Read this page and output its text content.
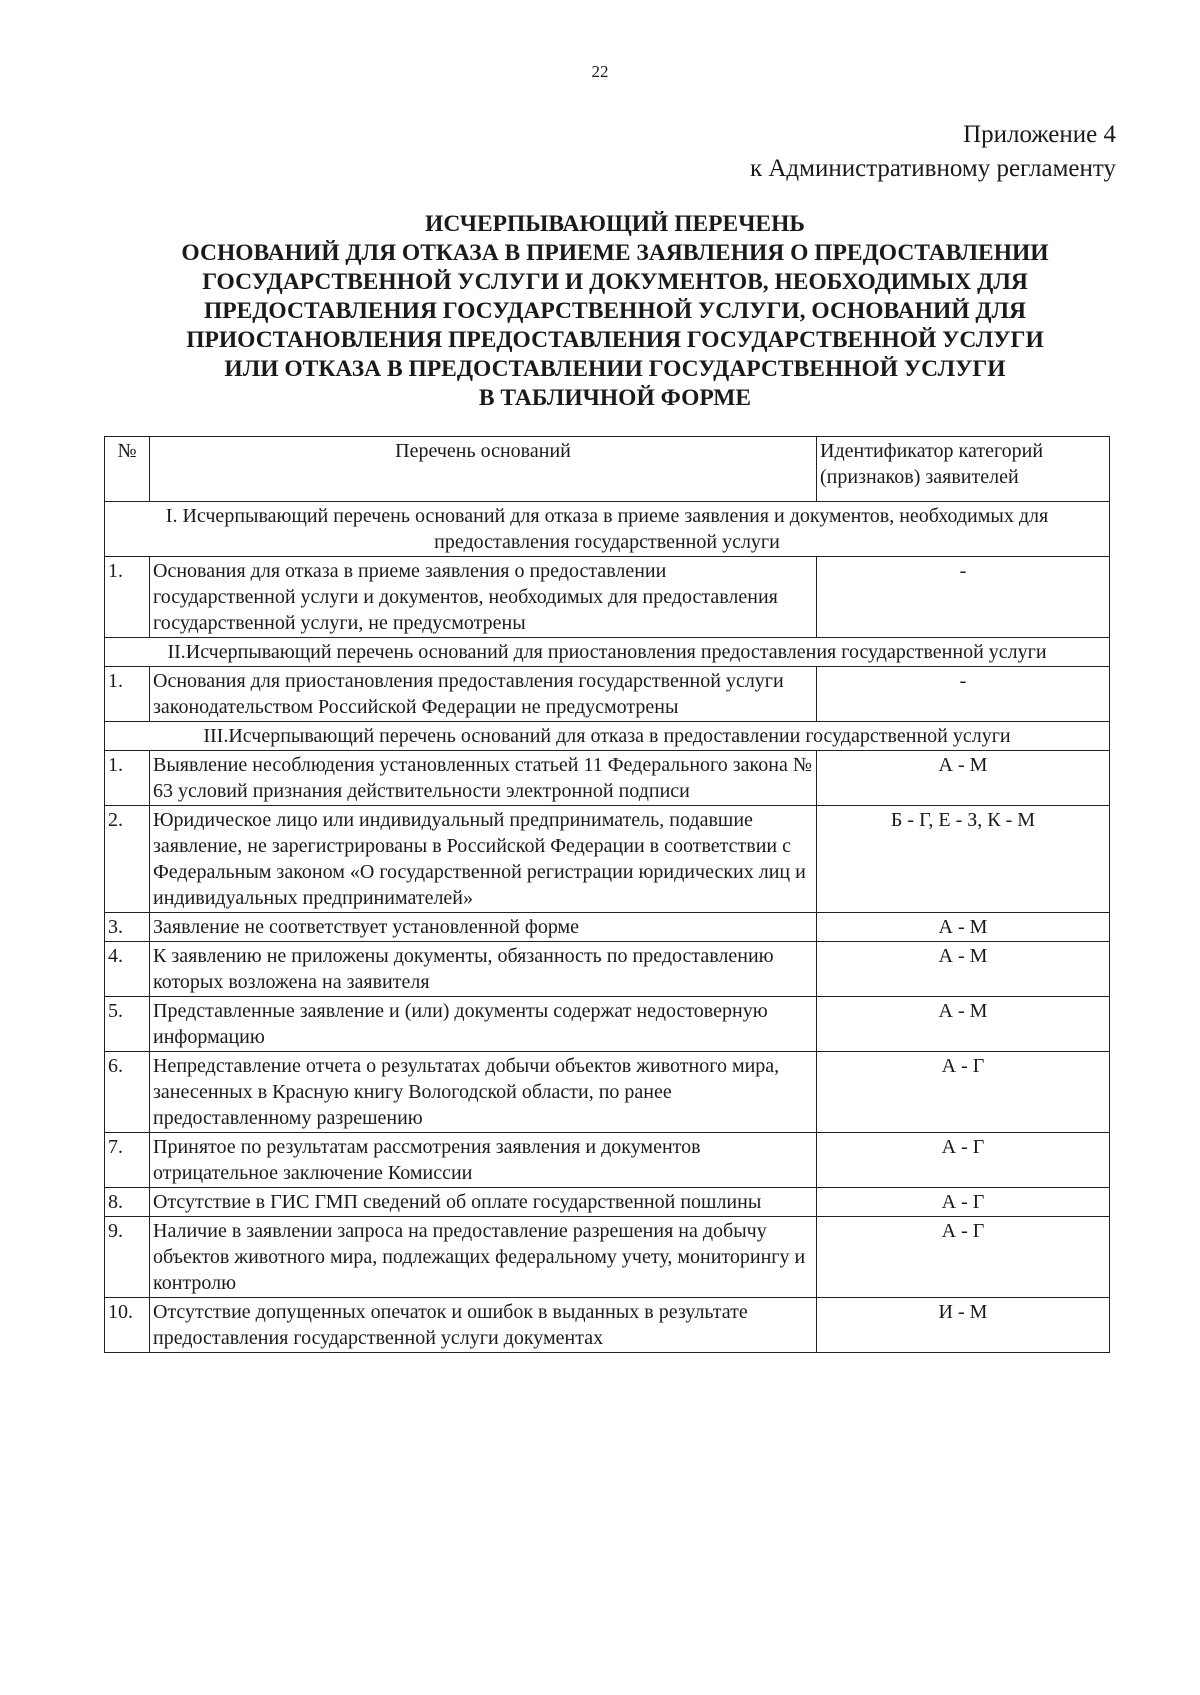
22
Приложение 4
к Административному регламенту
ИСЧЕРПЫВАЮЩИЙ ПЕРЕЧЕНЬ
ОСНОВАНИЙ ДЛЯ ОТКАЗА В ПРИЕМЕ ЗАЯВЛЕНИЯ О ПРЕДОСТАВЛЕНИИ
ГОСУДАРСТВЕННОЙ УСЛУГИ И ДОКУМЕНТОВ, НЕОБХОДИМЫХ ДЛЯ
ПРЕДОСТАВЛЕНИЯ ГОСУДАРСТВЕННОЙ УСЛУГИ, ОСНОВАНИЙ ДЛЯ
ПРИОСТАНОВЛЕНИЯ ПРЕДОСТАВЛЕНИЯ ГОСУДАРСТВЕННОЙ УСЛУГИ
ИЛИ ОТКАЗА В ПРЕДОСТАВЛЕНИИ ГОСУДАРСТВЕННОЙ УСЛУГИ
В ТАБЛИЧНОЙ ФОРМЕ
№	Перечень оснований	Идентификатор категорий (признаков) заявителей
I. Исчерпывающий перечень оснований для отказа в приеме заявления и документов, необходимых для предоставления государственной услуги		
1.	Основания для отказа в приеме заявления о предоставлении государственной услуги и документов, необходимых для предоставления государственной услуги, не предусмотрены	-
II.Исчерпывающий перечень оснований для приостановления предоставления государственной услуги		
1.	Основания для приостановления предоставления государственной услуги законодательством Российской Федерации не предусмотрены	-
III.Исчерпывающий перечень оснований для отказа в предоставлении государственной услуги		
1.	Выявление несоблюдения установленных статьей 11 Федерального закона № 63 условий признания действительности электронной подписи	А - М
2.	Юридическое лицо или индивидуальный предприниматель, подавшие заявление, не зарегистрированы в Российской Федерации в соответствии с Федеральным законом «О государственной регистрации юридических лиц и индивидуальных предпринимателей»	Б - Г, Е - З, К - М
3.	Заявление не соответствует установленной форме	А - М
4.	К заявлению не приложены документы, обязанность по предоставлению которых возложена на заявителя	А - М
5.	Представленные заявление и (или) документы содержат недостоверную информацию	А - М
6.	Непредставление отчета о результатах добычи объектов животного мира, занесенных в Красную книгу Вологодской области, по ранее предоставленному разрешению	А - Г
7.	Принятое по результатам рассмотрения заявления и документов отрицательное заключение Комиссии	А - Г
8.	Отсутствие в ГИС ГМП сведений об оплате государственной пошлины	А - Г
9.	Наличие в заявлении запроса на предоставление разрешения на добычу объектов животного мира, подлежащих федеральному учету, мониторингу и контролю	А - Г
10.	Отсутствие допущенных опечаток и ошибок в выданных в результате предоставления государственной услуги документах	И - М
